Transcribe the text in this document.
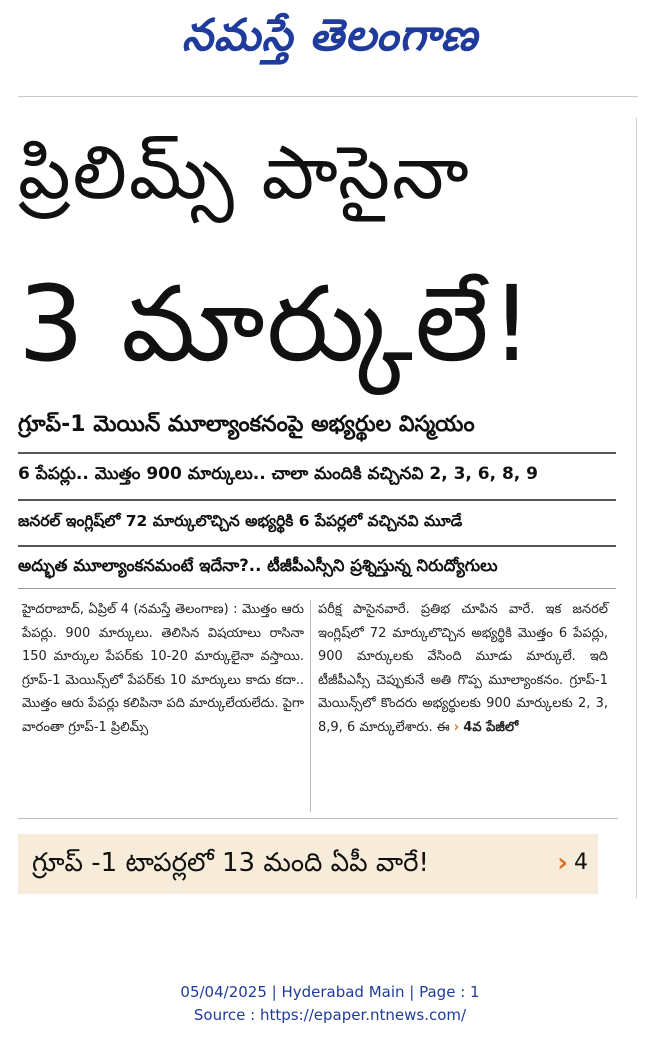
నమస్తే తెలంగాణ
ప్రిలిమ్స్ పాసైనా
3 మార్కులే!
గ్రూప్-1 మెయిన్ మూల్యాంకనంపై అభ్యర్థుల విస్మయం
6 పేపర్లు.. మొత్తం 900 మార్కులు.. చాలా మందికి వచ్చినవి 2, 3, 6, 8, 9
జనరల్ ఇంగ్లిష్‌లో 72 మార్కులొచ్చిన అభ్యర్థికి 6 పేపర్లలో వచ్చినవి మూడే
అద్భుత మూల్యాంకనమంటే ఇదేనా?.. టీజీపీఎస్సీని ప్రశ్నిస్తున్న నిరుద్యోగులు
హైదరాబాద్, ఏప్రిల్ 4 (నమస్తే తెలంగాణ) : మొత్తం ఆరు పేపర్లు. 900 మార్కులు. తెలిసిన విషయాలు రాసినా 150 మార్కుల పేపర్‌కు 10-20 మార్కులైనా వస్తాయి. గ్రూప్-1 మెయిన్స్‌లో పేపర్‌కు 10 మార్కులు కాదు కదా.. మొత్తం ఆరు పేపర్లు కలిపినా పది మార్కులేయలేదు. పైగా వారంతా గ్రూప్-1 ప్రిలిమ్స్
పరీక్ష పాసైనవారే. ప్రతిభ చూపిన వారే. ఇక జనరల్ ఇంగ్లిష్‌లో 72 మార్కులొచ్చిన అభ్యర్థికి మొత్తం 6 పేపర్లు, 900 మార్కులకు వేసింది మూడు మార్కులే. ఇది టీజీపీఎస్సీ చెప్పుకునే అతి గొప్ప మూల్యాంకనం. గ్రూప్-1 మెయిన్స్‌లో కొందరు అభ్యర్థులకు 900 మార్కులకు 2, 3, 8,9, 6 మార్కులేశారు. ఈ › 4వ పేజీలో
గ్రూప్ -1 టాపర్లలో 13 మంది ఏపీ వారే!	› 4
05/04/2025 | Hyderabad Main | Page : 1
Source : https://epaper.ntnews.com/
